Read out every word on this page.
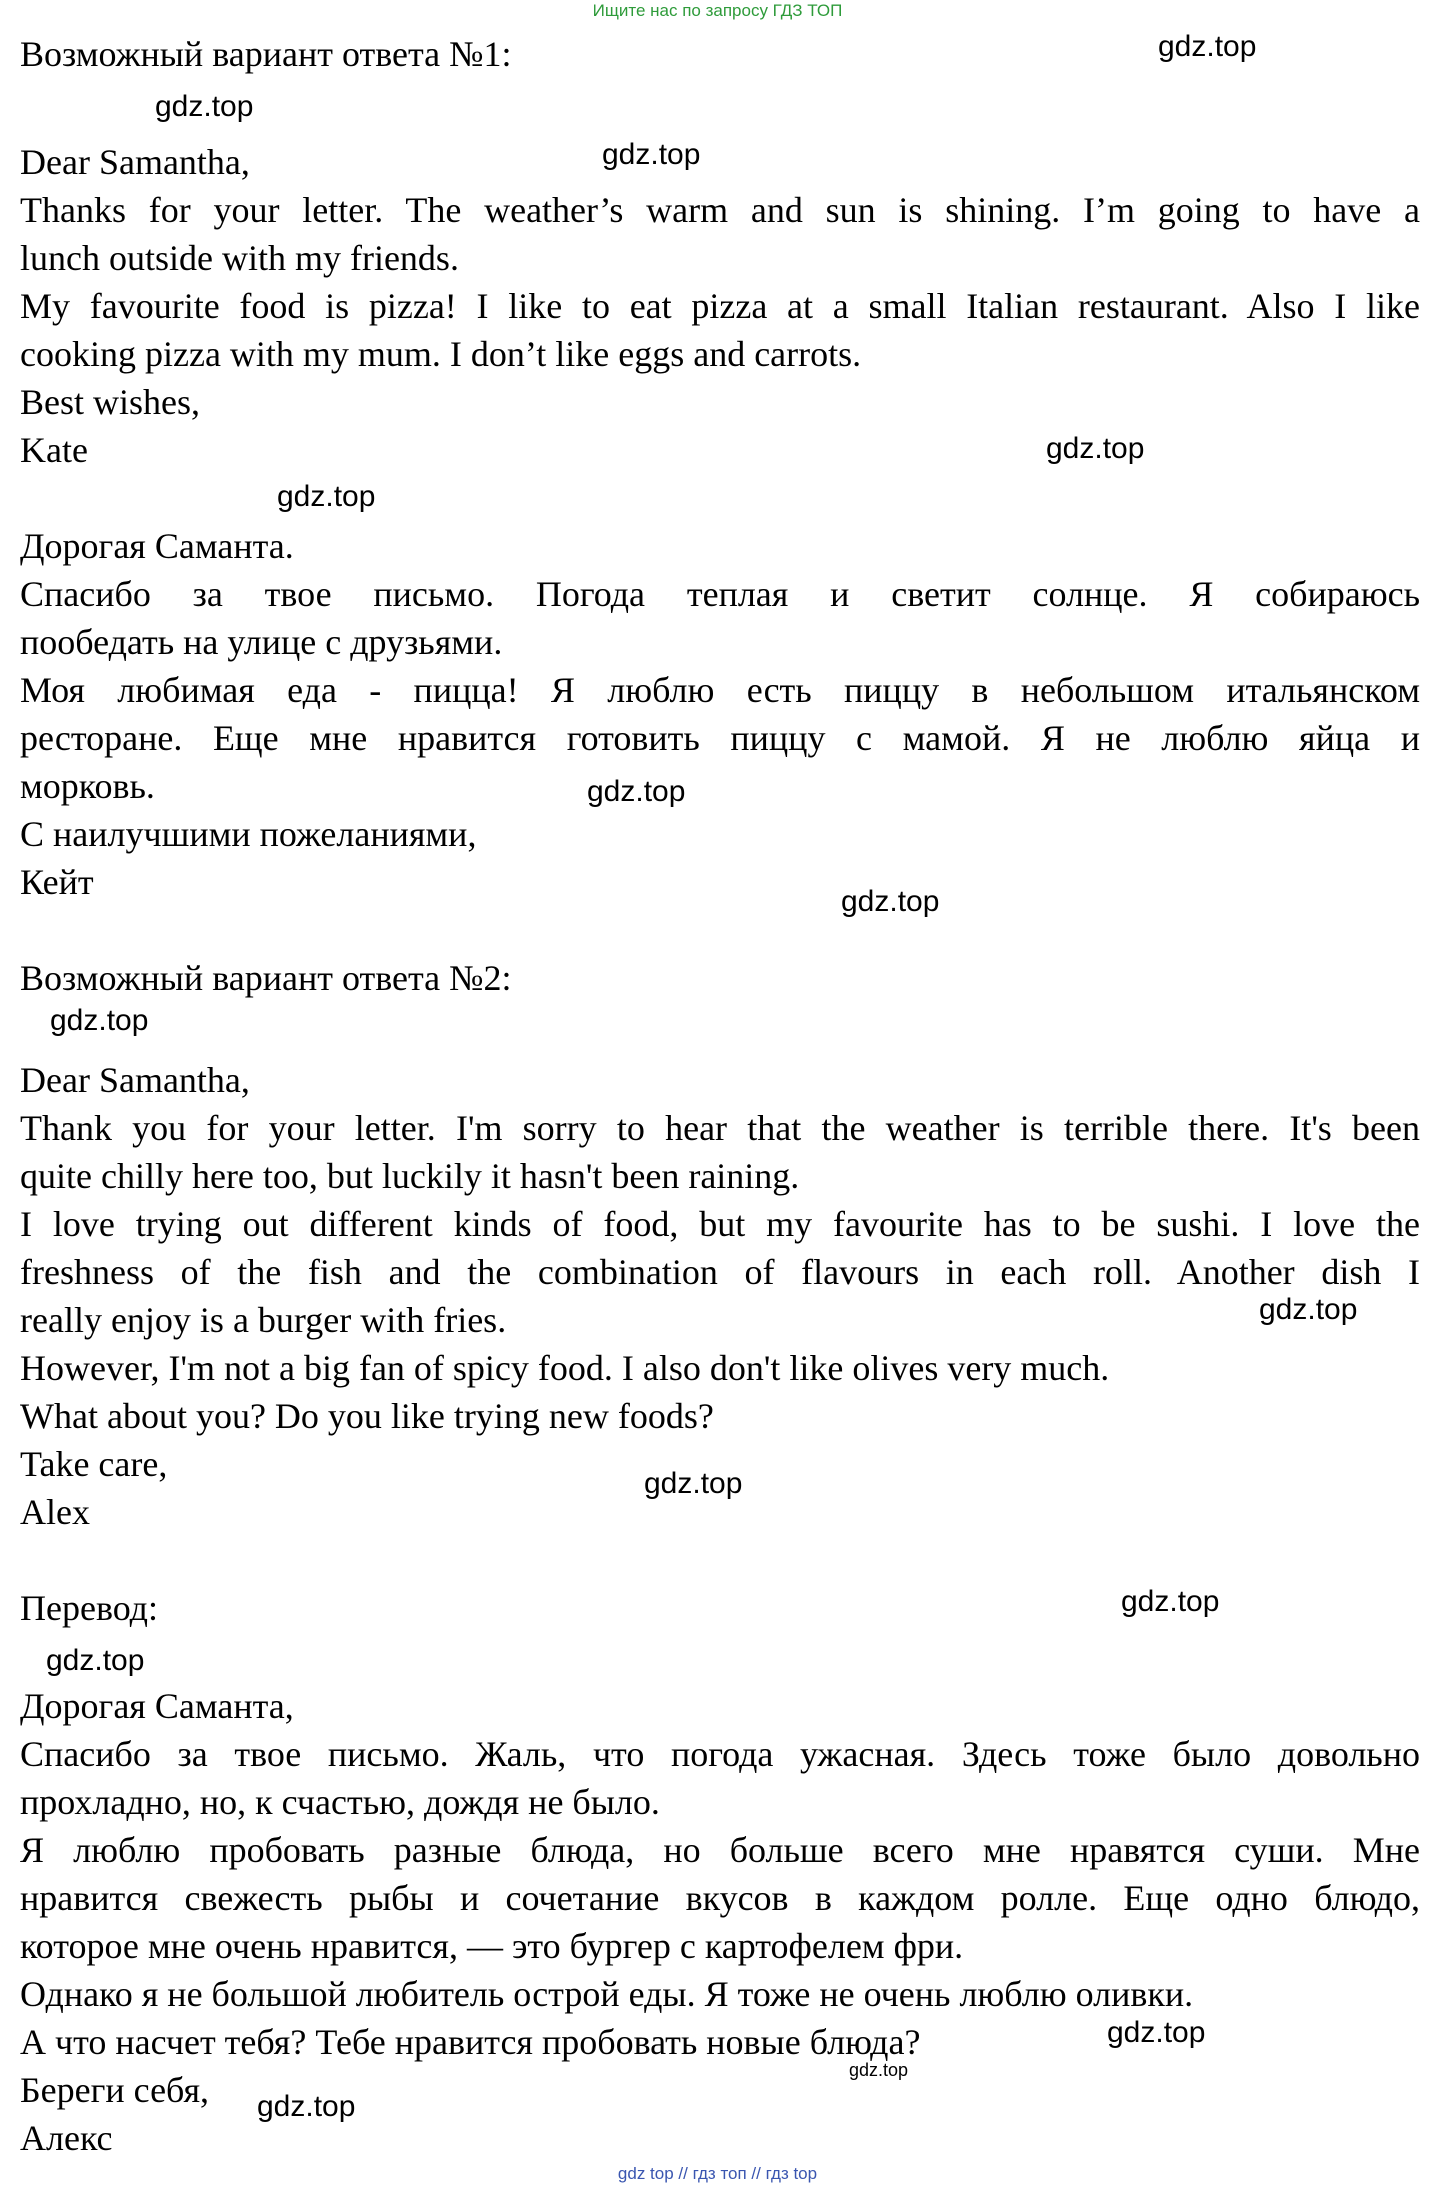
Ищите нас по запросу ГДЗ ТОП
Возможный вариант ответа №1:
Dear Samantha,
Thanks for your letter. The weather’s warm and sun is shining. I’m going to have a
lunch outside with my friends.
My favourite food is pizza! I like to eat pizza at a small Italian restaurant. Also I like
cooking pizza with my mum. I don’t like eggs and carrots.
Best wishes,
Kate
Дорогая Саманта.
Спасибо за твое письмо. Погода теплая и светит солнце. Я собираюсь
пообедать на улице с друзьями.
Моя любимая еда - пицца! Я люблю есть пиццу в небольшом итальянском
ресторане. Еще мне нравится готовить пиццу с мамой. Я не люблю яйца и
морковь.
С наилучшими пожеланиями,
Кейт
Возможный вариант ответа №2:
Dear Samantha,
Thank you for your letter. I'm sorry to hear that the weather is terrible there. It's been
quite chilly here too, but luckily it hasn't been raining.
I love trying out different kinds of food, but my favourite has to be sushi. I love the
freshness of the fish and the combination of flavours in each roll. Another dish I
really enjoy is a burger with fries.
However, I'm not a big fan of spicy food. I also don't like olives very much.
What about you? Do you like trying new foods?
Take care,
Alex
Перевод:
Дорогая Саманта,
Спасибо за твое письмо. Жаль, что погода ужасная. Здесь тоже было довольно
прохладно, но, к счастью, дождя не было.
Я люблю пробовать разные блюда, но больше всего мне нравятся суши. Мне
нравится свежесть рыбы и сочетание вкусов в каждом ролле. Еще одно блюдо,
которое мне очень нравится, — это бургер с картофелем фри.
Однако я не большой любитель острой еды. Я тоже не очень люблю оливки.
А что насчет тебя? Тебе нравится пробовать новые блюда?
Береги себя,
Алекс
gdz.top
gdz.top
gdz.top
gdz.top
gdz.top
gdz.top
gdz.top
gdz.top
gdz.top
gdz.top
gdz.top
gdz.top
gdz.top
gdz.top
gdz.top
gdz top // гдз топ // гдз top
